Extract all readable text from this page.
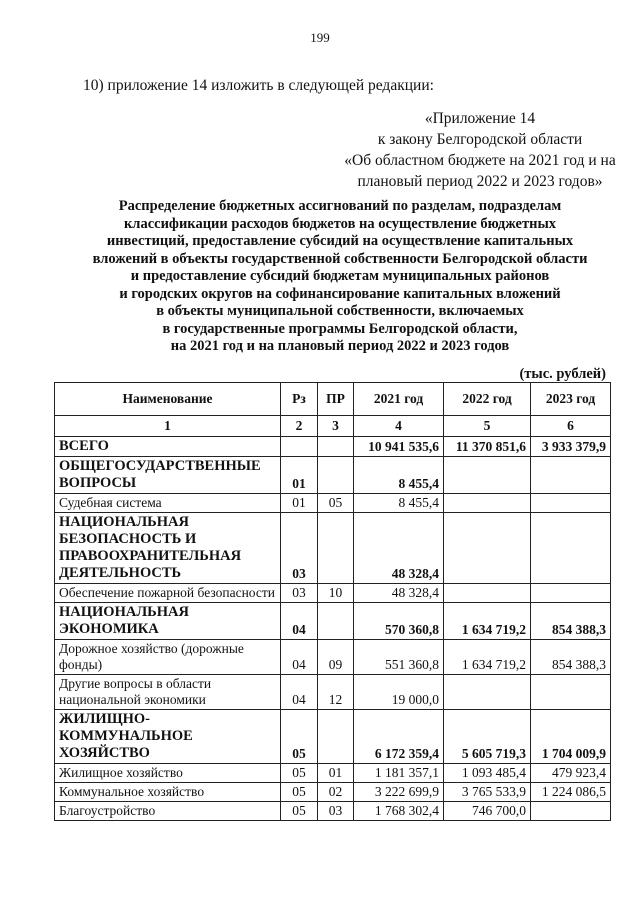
199
10) приложение 14 изложить в следующей редакции:
«Приложение 14
к закону Белгородской области
«Об областном бюджете на 2021 год и на
плановый период 2022 и 2023 годов»
Распределение бюджетных ассигнований по разделам, подразделам
классификации расходов бюджетов на осуществление бюджетных
инвестиций, предоставление субсидий на осуществление капитальных
вложений в объекты государственной собственности Белгородской области
и предоставление субсидий бюджетам муниципальных районов
и городских округов на софинансирование капитальных вложений
в объекты муниципальной собственности, включаемых
в государственные программы Белгородской области,
на 2021 год и на плановый период 2022 и 2023 годов
(тыс. рублей)
Наименование	Рз	ПР	2021 год	2022 год	2023 год
1	2	3	4	5	6
ВСЕГО			10 941 535,6	11 370 851,6	3 933 379,9
ОБЩЕГОСУДАРСТВЕННЫЕ ВОПРОСЫ	01		8 455,4		
Судебная система	01	05	8 455,4		
НАЦИОНАЛЬНАЯ БЕЗОПАСНОСТЬ И ПРАВООХРАНИТЕЛЬНАЯ ДЕЯТЕЛЬНОСТЬ	03		48 328,4		
Обеспечение пожарной безопасности	03	10	48 328,4		
НАЦИОНАЛЬНАЯ ЭКОНОМИКА	04		570 360,8	1 634 719,2	854 388,3
Дорожное хозяйство (дорожные фонды)	04	09	551 360,8	1 634 719,2	854 388,3
Другие вопросы в области национальной экономики	04	12	19 000,0		
ЖИЛИЩНО-КОММУНАЛЬНОЕ ХОЗЯЙСТВО	05		6 172 359,4	5 605 719,3	1 704 009,9
Жилищное хозяйство	05	01	1 181 357,1	1 093 485,4	479 923,4
Коммунальное хозяйство	05	02	3 222 699,9	3 765 533,9	1 224 086,5
Благоустройство	05	03	1 768 302,4	746 700,0	
